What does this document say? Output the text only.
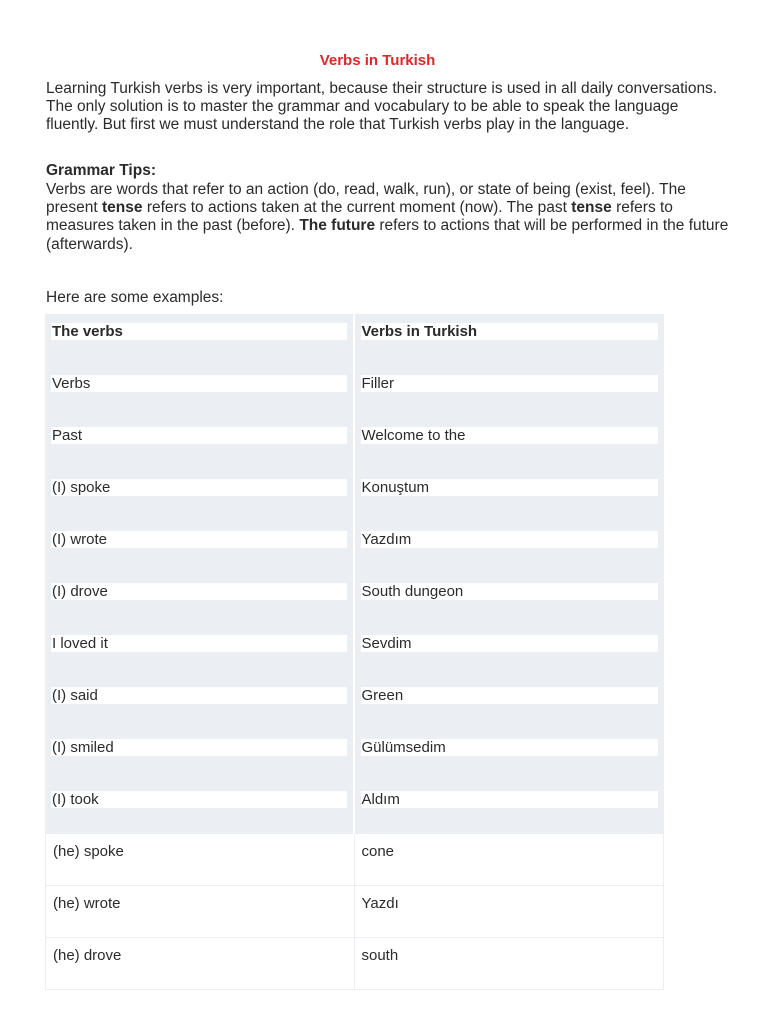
Verbs in Turkish

Learning Turkish verbs is very important, because their structure is used in all daily conversations. The only solution is to master the grammar and vocabulary to be able to speak the language fluently. But first we must understand the role that Turkish verbs play in the language.

Grammar Tips:

Verbs are words that refer to an action (do, read, walk, run), or state of being (exist, feel). The present tense refers to actions taken at the current moment (now). The past tense refers to measures taken in the past (before). The future refers to actions that will be performed in the future (afterwards).

Here are some examples:
The verbs	Verbs in Turkish
Verbs	Filler
Past	Welcome to the
(I) spoke	Konuştum
(I) wrote	Yazdım
(I) drove	South dungeon
I loved it	Sevdim
(I) said	Green
(I) smiled	Gülümsedim
(I) took	Aldım
(he) spoke	cone
(he) wrote	Yazdı
(he) drove	south
